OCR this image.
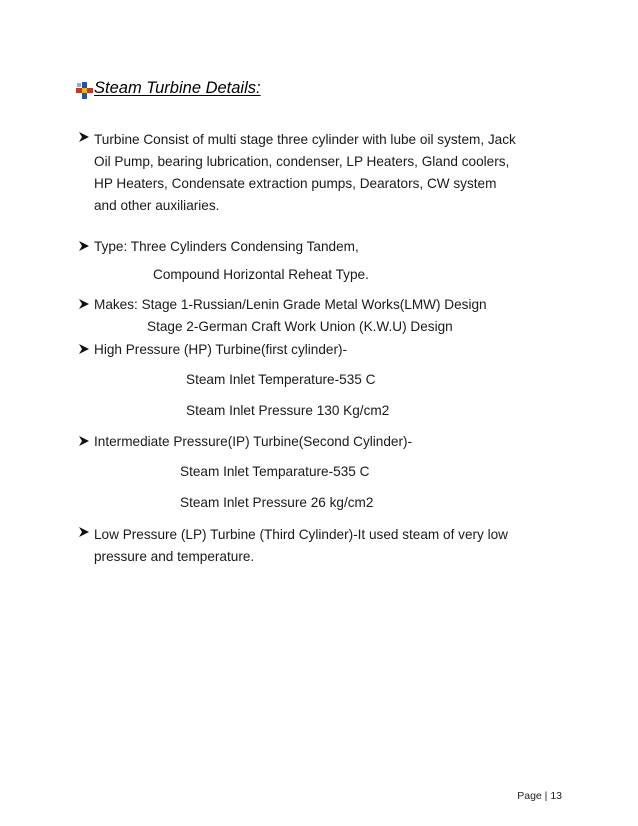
Steam Turbine Details:
Turbine Consist of multi stage three cylinder with lube oil system, Jack
Oil Pump, bearing lubrication, condenser, LP Heaters, Gland coolers,
HP Heaters, Condensate extraction pumps, Dearators, CW system
and other auxiliaries.
Type: Three Cylinders Condensing Tandem,
Compound Horizontal Reheat Type.
Makes: Stage 1-Russian/Lenin Grade Metal Works(LMW) Design
Stage 2-German Craft Work Union (K.W.U) Design
High Pressure (HP) Turbine(first cylinder)-
Steam Inlet Temperature-535 C
Steam Inlet Pressure 130 Kg/cm2
Intermediate Pressure(IP) Turbine(Second Cylinder)-
Steam Inlet Temparature-535 C
Steam Inlet Pressure 26 kg/cm2
Low Pressure (LP) Turbine (Third Cylinder)-It used steam of very low
pressure and temperature.
Page | 13
